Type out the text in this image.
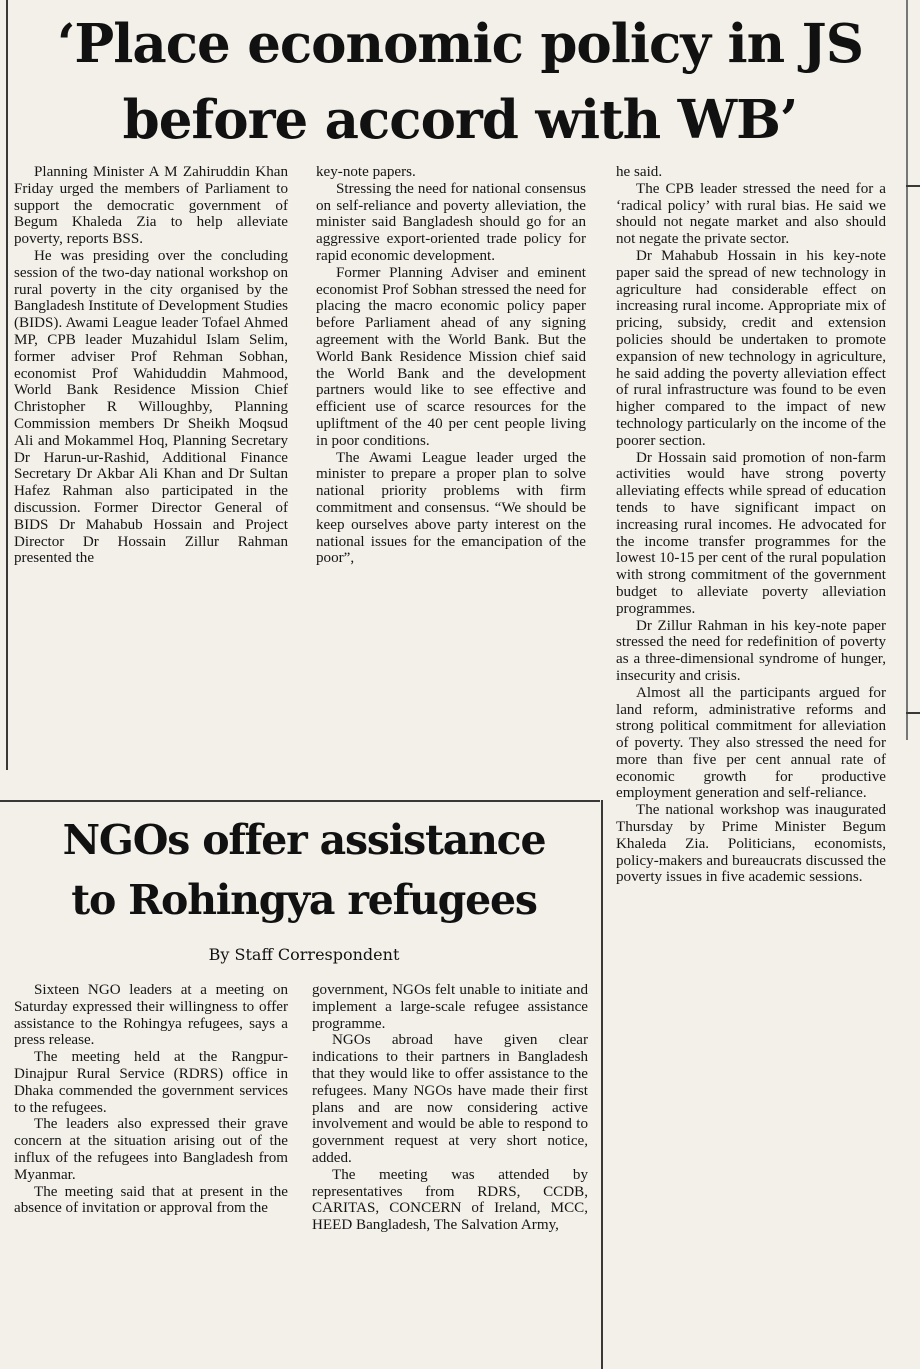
‘Place economic policy in JS
before accord with WB’

Planning Minister A M Zahiruddin Khan Friday urged the members of Parliament to support the democratic government of Begum Khaleda Zia to help alleviate poverty, reports BSS.

He was presiding over the concluding session of the two-day national workshop on rural poverty in the city organised by the Bangladesh Institute of Development Studies (BIDS). Awami League leader Tofael Ahmed MP, CPB leader Muzahidul Islam Selim, former adviser Prof Rehman Sobhan, economist Prof Wahiduddin Mahmood, World Bank Residence Mission Chief Christopher R Willoughby, Planning Commission members Dr Sheikh Moqsud Ali and Mokammel Hoq, Planning Secretary Dr Harun-ur-Rashid, Additional Finance Secretary Dr Akbar Ali Khan and Dr Sultan Hafez Rahman also participated in the discussion. Former Director General of BIDS Dr Mahabub Hossain and Project Director Dr Hossain Zillur Rahman presented the

key-note papers.

Stressing the need for national consensus on self-reliance and poverty alleviation, the minister said Bangladesh should go for an aggressive export-oriented trade policy for rapid economic development.

Former Planning Adviser and eminent economist Prof Sobhan stressed the need for placing the macro economic policy paper before Parliament ahead of any signing agreement with the World Bank. But the World Bank Residence Mission chief said the World Bank and the development partners would like to see effective and efficient use of scarce resources for the upliftment of the 40 per cent people living in poor conditions.

The Awami League leader urged the minister to prepare a proper plan to solve national priority problems with firm commitment and consensus. “We should be keep ourselves above party interest on the national issues for the emancipation of the poor”,

he said.

The CPB leader stressed the need for a ‘radical policy’ with rural bias. He said we should not negate market and also should not negate the private sector.

Dr Mahabub Hossain in his key-note paper said the spread of new technology in agriculture had considerable effect on increasing rural income. Appropriate mix of pricing, subsidy, credit and extension policies should be undertaken to promote expansion of new technology in agriculture, he said adding the poverty alleviation effect of rural infrastructure was found to be even higher compared to the impact of new technology particularly on the income of the poorer section.

Dr Hossain said promotion of non-farm activities would have strong poverty alleviating effects while spread of education tends to have significant impact on increasing rural incomes. He advocated for the income transfer programmes for the lowest 10-15 per cent of the rural population with strong commitment of the government budget to alleviate poverty alleviation programmes.

Dr Zillur Rahman in his key-note paper stressed the need for redefinition of poverty as a three-dimensional syndrome of hunger, insecurity and crisis.

Almost all the participants argued for land reform, administrative reforms and strong political commitment for alleviation of poverty. They also stressed the need for more than five per cent annual rate of economic growth for productive employment generation and self-reliance.

The national workshop was inaugurated Thursday by Prime Minister Begum Khaleda Zia. Politicians, economists, policy-makers and bureaucrats discussed the poverty issues in five academic sessions.

NGOs offer assistance
to Rohingya refugees
By Staff Correspondent

Sixteen NGO leaders at a meeting on Saturday expressed their willingness to offer assistance to the Rohingya refugees, says a press release.

The meeting held at the Rangpur-Dinajpur Rural Service (RDRS) office in Dhaka commended the government services to the refugees.

The leaders also expressed their grave concern at the situation arising out of the influx of the refugees into Bangladesh from Myanmar.

The meeting said that at present in the absence of invitation or approval from the

government, NGOs felt unable to initiate and implement a large-scale refugee assistance programme.

NGOs abroad have given clear indications to their partners in Bangladesh that they would like to offer assistance to the refugees. Many NGOs have made their first plans and are now considering active involvement and would be able to respond to government request at very short notice, added.

The meeting was attended by representatives from RDRS, CCDB, CARITAS, CONCERN of Ireland, MCC, HEED Bangladesh, The Salvation Army,
